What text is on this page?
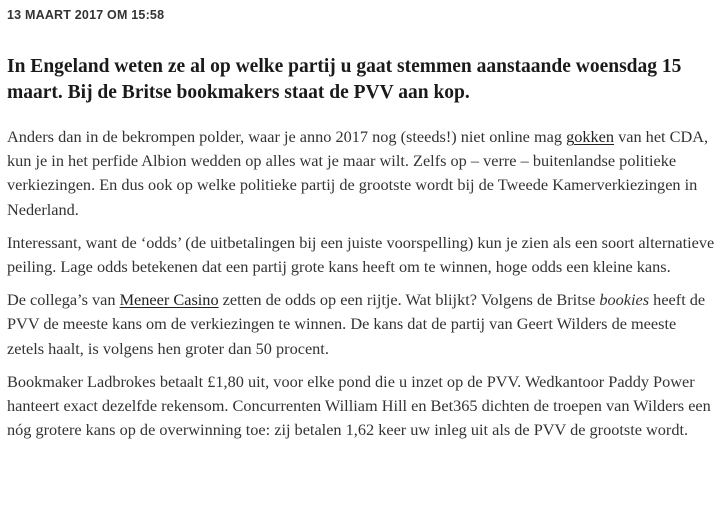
13 MAART 2017 OM 15:58
In Engeland weten ze al op welke partij u gaat stemmen aanstaande woensdag 15 maart. Bij de Britse bookmakers staat de PVV aan kop.

Anders dan in de bekrompen polder, waar je anno 2017 nog (steeds!) niet online mag gokken van het CDA, kun je in het perfide Albion wedden op alles wat je maar wilt. Zelfs op – verre – buitenlandse politieke verkiezingen. En dus ook op welke politieke partij de grootste wordt bij de Tweede Kamerverkiezingen in Nederland.

Interessant, want de ‘odds’ (de uitbetalingen bij een juiste voorspelling) kun je zien als een soort alternatieve peiling. Lage odds betekenen dat een partij grote kans heeft om te winnen, hoge odds een kleine kans.

De collega’s van Meneer Casino zetten de odds op een rijtje. Wat blijkt? Volgens de Britse bookies heeft de PVV de meeste kans om de verkiezingen te winnen. De kans dat de partij van Geert Wilders de meeste zetels haalt, is volgens hen groter dan 50 procent.

Bookmaker Ladbrokes betaalt £1,80 uit, voor elke pond die u inzet op de PVV. Wedkantoor Paddy Power hanteert exact dezelfde rekensom. Concurrenten William Hill en Bet365 dichten de troepen van Wilders een nóg grotere kans op de overwinning toe: zij betalen 1,62 keer uw inleg uit als de PVV de grootste wordt.
